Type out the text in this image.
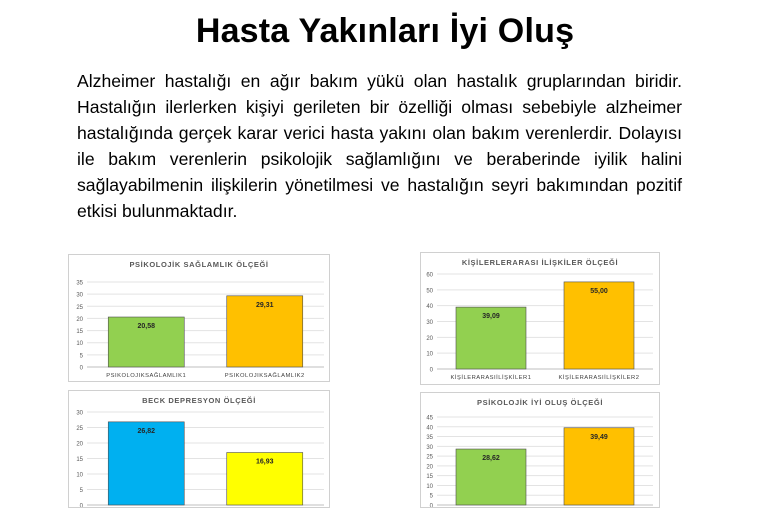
Hasta Yakınları İyi Oluş
Alzheimer hastalığı en ağır bakım yükü olan hastalık gruplarından biridir. Hastalığın ilerlerken kişiyi gerileten bir özelliği olması sebebiyle alzheimer hastalığında gerçek karar verici hasta yakını olan bakım verenlerdir. Dolayısı ile bakım verenlerin psikolojik sağlamlığını ve beraberinde iyilik halini sağlayabilmenin ilişkilerin yönetilmesi ve hastalığın seyri bakımından pozitif etkisi bulunmaktadır.
PSİKOLOJİK SAĞLAMLIK ÖLÇEĞİ
0
5
10
15
20
25
30
35
20,58
PSIKOLOJIKSAĞLAMLIK1
29,31
PSIKOLOJIKSAĞLAMLIK2
KİŞİLERLERARASI İLİŞKİLER ÖLÇEĞİ
0
10
20
30
40
50
60
39,09
KİŞİLERARASIİLİŞKİLER1
55,00
KİŞİLERARASIİLİŞKİLER2
BECK DEPRESYON ÖLÇEĞİ
0
5
10
15
20
25
30
26,82
16,93
PSİKOLOJİK İYİ OLUŞ ÖLÇEĞİ
0
5
10
15
20
25
30
35
40
45
28,62
39,49
